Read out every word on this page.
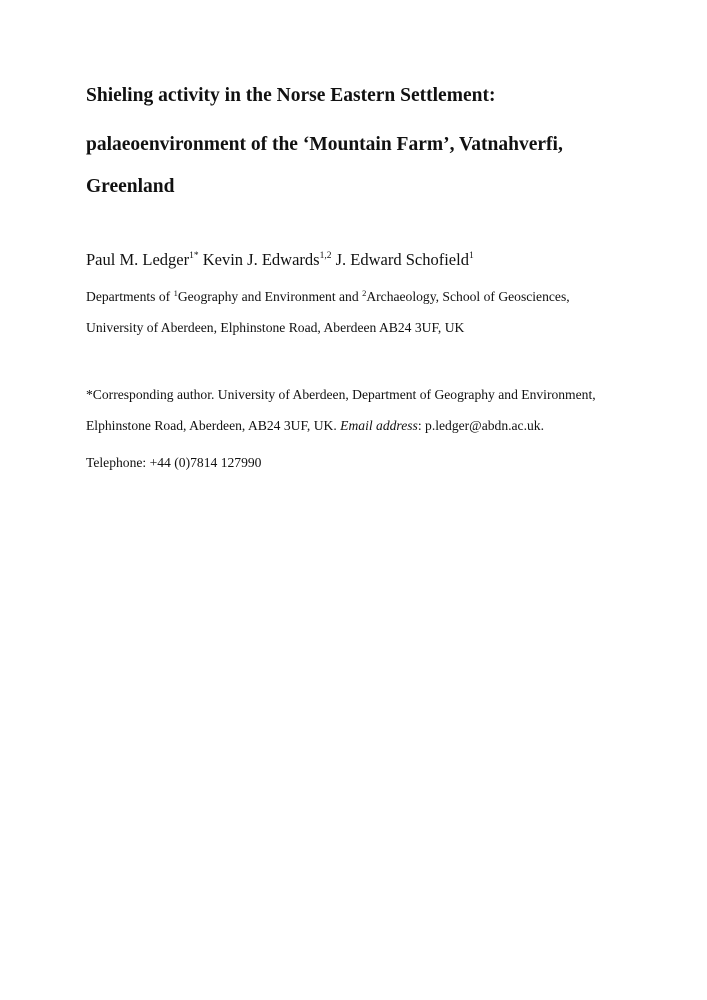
Shieling activity in the Norse Eastern Settlement:
palaeoenvironment of the ‘Mountain Farm’, Vatnahverfi,
Greenland
Paul M. Ledger$^{1*}$ Kevin J. Edwards$^{1,2}$ J. Edward Schofield$^1$
Departments of $^1$Geography and Environment and $^2$Archaeology, School of Geosciences,
University of Aberdeen, Elphinstone Road, Aberdeen AB24 3UF, UK
*Corresponding author. University of Aberdeen, Department of Geography and Environment,
Elphinstone Road, Aberdeen, AB24 3UF, UK. Email address: p.ledger@abdn.ac.uk.
Telephone: +44 (0)7814 127990
